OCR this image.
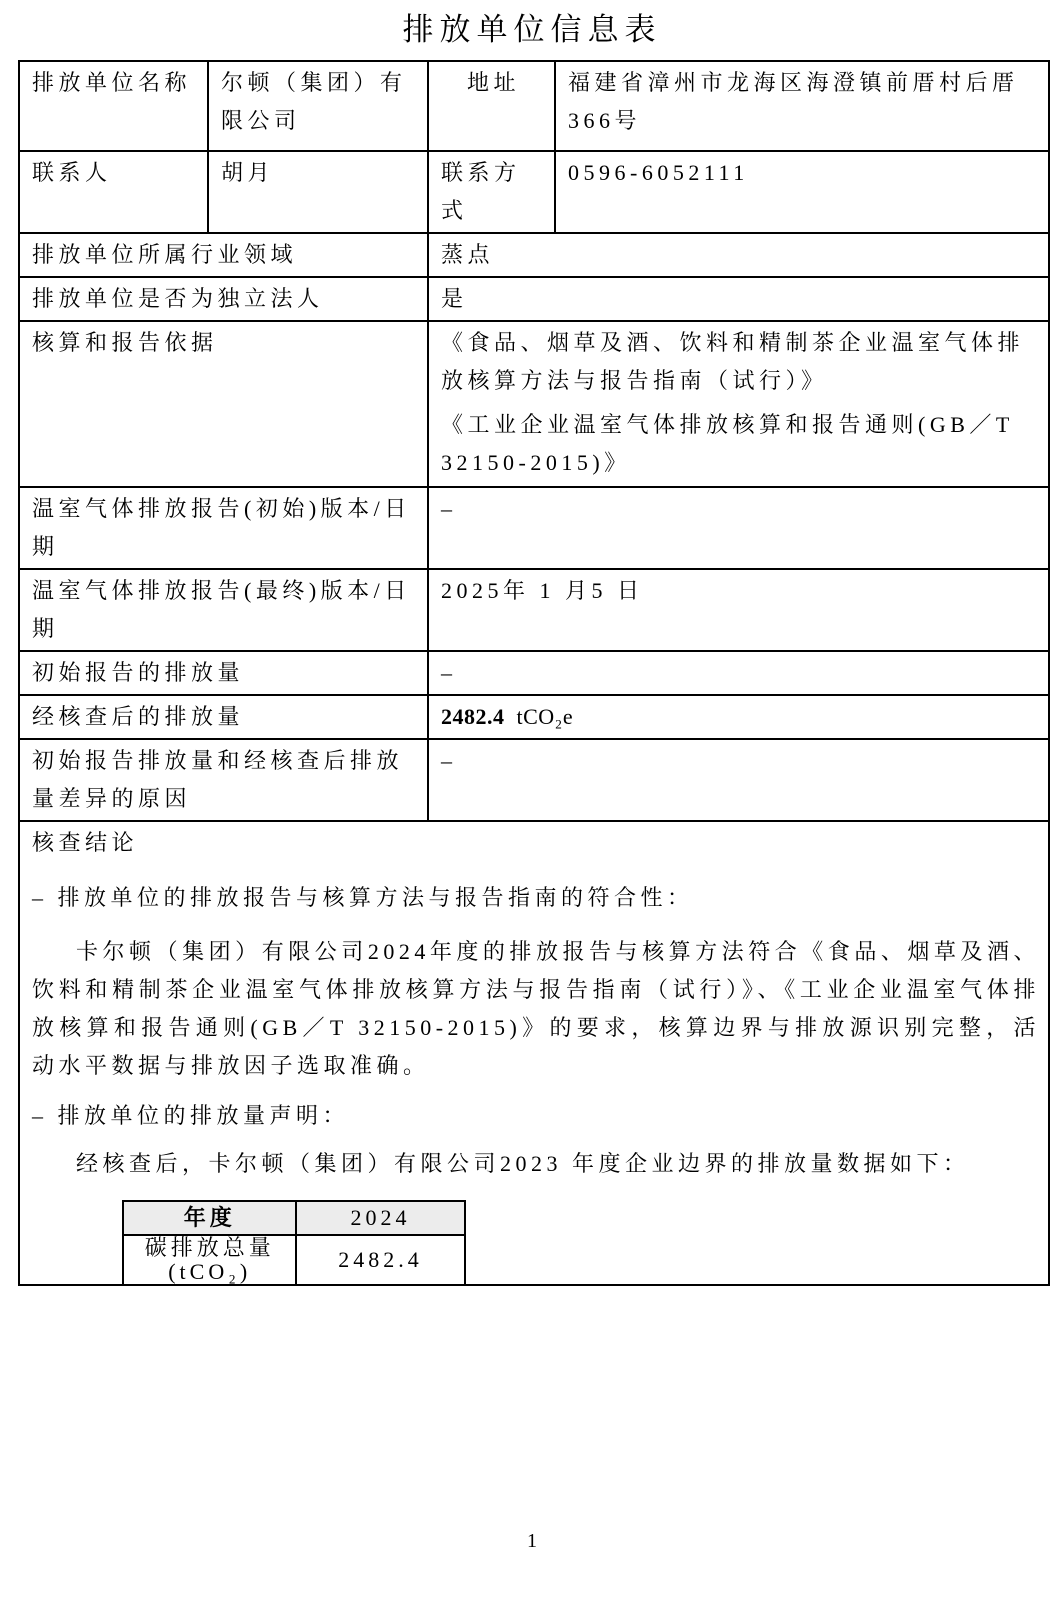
排放单位信息表
排放单位名称	尔顿（集团）有限公司	地址	福建省漳州市龙海区海澄镇前厝村后厝366号
联系人	胡月	联系方式	0596-6052111
排放单位所属行业领域	蒸点
排放单位是否为独立法人	是
核算和报告依据	《食品、烟草及酒、饮料和精制茶企业温室气体排放核算方法与报告指南（试行）》
《工业企业温室气体排放核算和报告通则(GB／T 32150-2015)》

温室气体排放报告(初始)版本/日期	–
温室气体排放报告(最终)版本/日期	2025年 1 月5 日
初始报告的排放量	–
经核查后的排放量	2482.4 tCO₂e
初始报告排放量和经核查后排放量差异的原因	–

核查结论
– 排放单位的排放报告与核算方法与报告指南的符合性：
卡尔顿（集团）有限公司2024年度的排放报告与核算方法符合《食品、烟草及酒、饮料和精制茶企业温室气体排放核算方法与报告指南（试行）》、《工业企业温室气体排放核算和报告通则(GB／T 32150-2015)》的要求，核算边界与排放源识别完整，活动水平数据与排放因子选取准确。
– 排放单位的排放量声明：
经核查后，卡尔顿（集团）有限公司2023 年度企业边界的排放量数据如下：
年度	2024
碳排放总量(tCO₂)	2482.4
1
